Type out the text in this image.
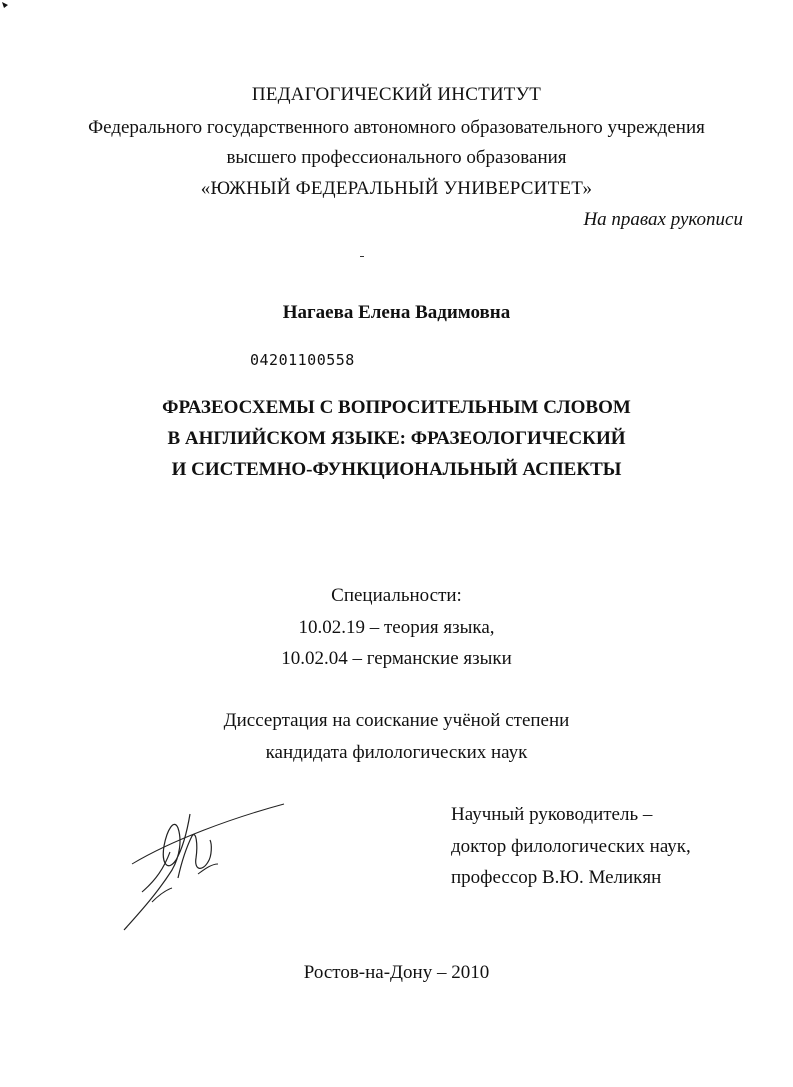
ПЕДАГОГИЧЕСКИЙ ИНСТИТУТ
Федерального государственного автономного образовательного учреждения
высшего профессионального образования
«ЮЖНЫЙ ФЕДЕРАЛЬНЫЙ УНИВЕРСИТЕТ»
На правах рукописи
Нагаева Елена Вадимовна
04201100558
ФРАЗЕОСХЕМЫ С ВОПРОСИТЕЛЬНЫМ СЛОВОМ
В АНГЛИЙСКОМ ЯЗЫКЕ: ФРАЗЕОЛОГИЧЕСКИЙ
И СИСТЕМНО-ФУНКЦИОНАЛЬНЫЙ АСПЕКТЫ
Специальности:
10.02.19 – теория языка,
10.02.04 – германские языки
Диссертация на соискание учёной степени
кандидата филологических наук
Научный руководитель –
доктор филологических наук,
профессор В.Ю. Меликян
Ростов-на-Дону – 2010
